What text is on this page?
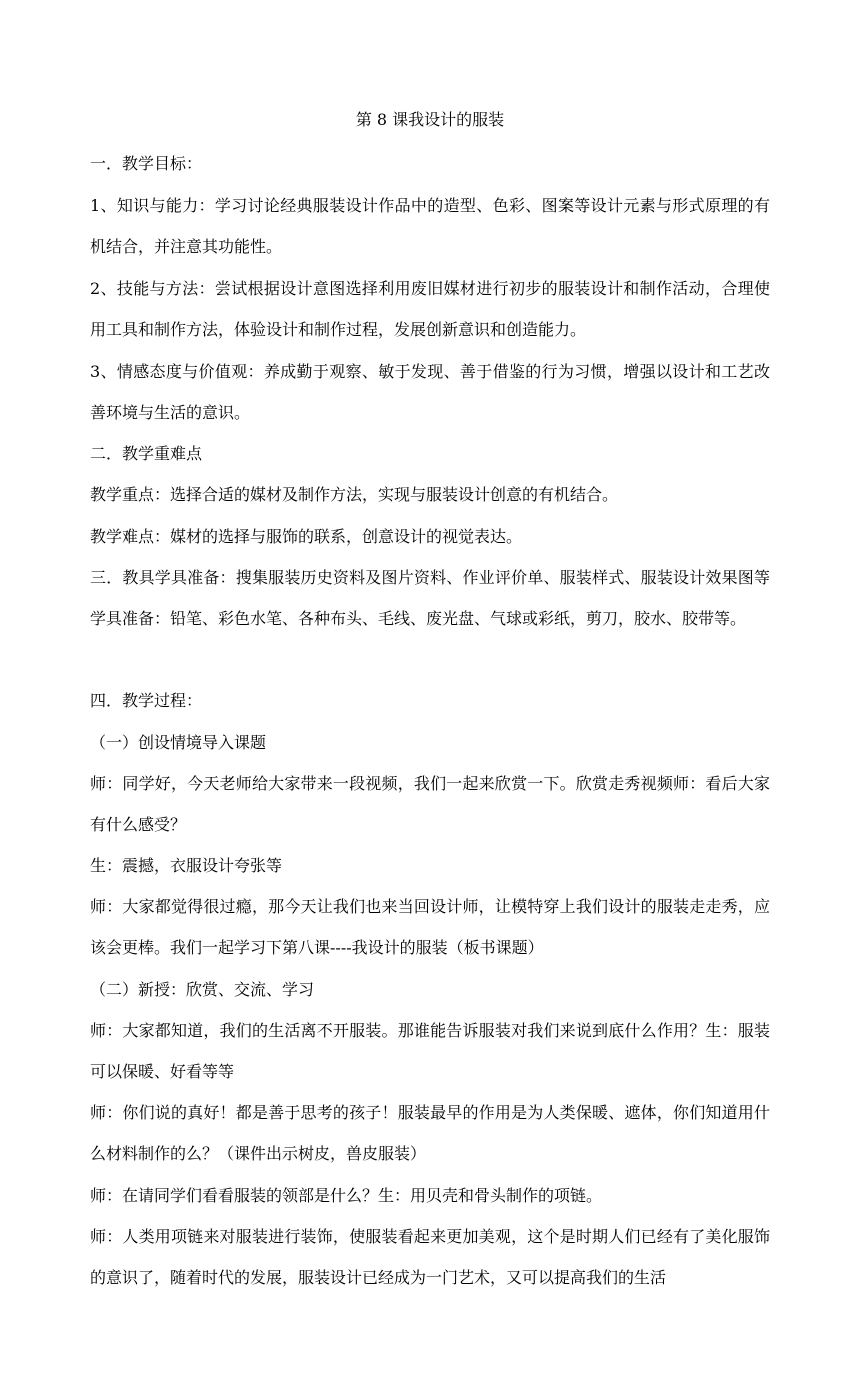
第 8 课我设计的服装

一．教学目标：

1、知识与能力：学习讨论经典服装设计作品中的造型、色彩、图案等设计元素与形式原理的有机结合，并注意其功能性。

2、技能与方法：尝试根据设计意图选择利用废旧媒材进行初步的服装设计和制作活动，合理使用工具和制作方法，体验设计和制作过程，发展创新意识和创造能力。

3、情感态度与价值观：养成勤于观察、敏于发现、善于借鉴的行为习惯，增强以设计和工艺改善环境与生活的意识。

二．教学重难点

教学重点：选择合适的媒材及制作方法，实现与服装设计创意的有机结合。

教学难点：媒材的选择与服饰的联系，创意设计的视觉表达。

三．教具学具准备：搜集服装历史资料及图片资料、作业评价单、服装样式、服装设计效果图等学具准备：铅笔、彩色水笔、各种布头、毛线、废光盘、气球或彩纸，剪刀，胶水、胶带等。

四．教学过程：

（一）创设情境导入课题

师：同学好，今天老师给大家带来一段视频，我们一起来欣赏一下。欣赏走秀视频师：看后大家有什么感受？

生：震撼，衣服设计夸张等

师：大家都觉得很过瘾，那今天让我们也来当回设计师，让模特穿上我们设计的服装走走秀，应该会更棒。我们一起学习下第八课----我设计的服装（板书课题）

（二）新授：欣赏、交流、学习

师：大家都知道，我们的生活离不开服装。那谁能告诉服装对我们来说到底什么作用？生：服装可以保暖、好看等等

师：你们说的真好！都是善于思考的孩子！服装最早的作用是为人类保暖、遮体，你们知道用什么材料制作的么？（课件出示树皮，兽皮服装）

师：在请同学们看看服装的领部是什么？生：用贝壳和骨头制作的项链。

师：人类用项链来对服装进行装饰，使服装看起来更加美观，这个是时期人们已经有了美化服饰的意识了，随着时代的发展，服装设计已经成为一门艺术，又可以提高我们的生活
